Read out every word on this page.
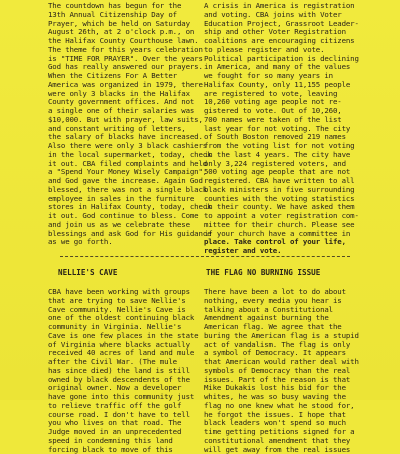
The countdown has begun for the
13th Annual Citizenship Day of
Prayer, which be held on Saturday
August 26th, at 2 o'clock p.m., on
the Halifax County Courthouse lawn.
The theme for this years celebration
is "TIME FOR PRAYER". Over the years
God has really answered our prayers.
When the Citizens For A Better
America was organized in 1979, there
were only 3 blacks in the Halifax
County government offices. And not
a single one of their salaries was
$10,000. But with prayer, law suits,
and constant writing of letters,
the salary of blacks have increased.
Also there were only 3 black cashiers
in the local supermarket, today, check
it out. CBA filed complaints and held
a "Spend Your Money Wisely Campaign",
and God gave the increase. Again God
blessed, there was not a single black
employee in sales in the furniture
stores in Halifax County, today, check
it out. God continue to bless. Come
and join us as we celebrate these
blessings and ask God for His guidance
as we go forth.
A crisis in America is registration
and voting. CBA joins with Voter
Education Project, Grassroot Leader-
ship and other Voter Registration
coalitions are encouraging citizens
to please register and vote.
Political participation is declining
in America, and many of the values
we fought for so many years in
Halifax County, only 11,155 people
are registered to vote, leaving
10,260 voting age people not re-
gistered to vote. Out of 10,260,
700 names were taken of the list
last year for not voting. The city
of South Boston removed 219 names
from the voting list for not voting
in the last 4 years. The city have
only 3,224 registered voters, and
500 voting age people that are not
registered. CBA have written to all
black ministers in five surrounding
counties with the voting statistics
in their county. We have asked them
to appoint a voter registration com-
mittee for their church. Please see
if your church have a committee in
place. Take control of your life,
register and vote.
NELLIE'S CAVE	THE FLAG NO BURNING ISSUE
CBA have been working with groups
that are trying to save Nellie's
Cave community. Nellie's Cave is
one of the oldest continuing black
community in Virginia. Nellie's
Cave is one few places in the state
of Virginia where blacks actually
received 40 acres of land and mule
after the Civil War. (The mule
has since died) the land is still
owned by black descendents of the
original owner. Now a developer
have gone into this community just
to relieve traffic off the golf
course road. I don't have to tell
you who lives on that road. The
Judge moved in an unprecedented
speed in condemning this land
forcing black to move of this
There have been a lot to do about
nothing, every media you hear is
talking about a Constitutional
Amendment against burning the
American flag. We agree that the
buring the American flag is a stupid
act of vandalism. The flag is only
a symbol of Democracy. It appears
that American would rather deal with
symbols of Democracy than the real
issues. Part of the reason is that
Mike Dukakis lost his bid for the
whites, he was so busy waving the
flag no one knew what he stood for,
he forgot the issues. I hope that
black leaders won't spend so much
time getting petitions signed for a
constitutional amendment that they
will get away from the real issues
